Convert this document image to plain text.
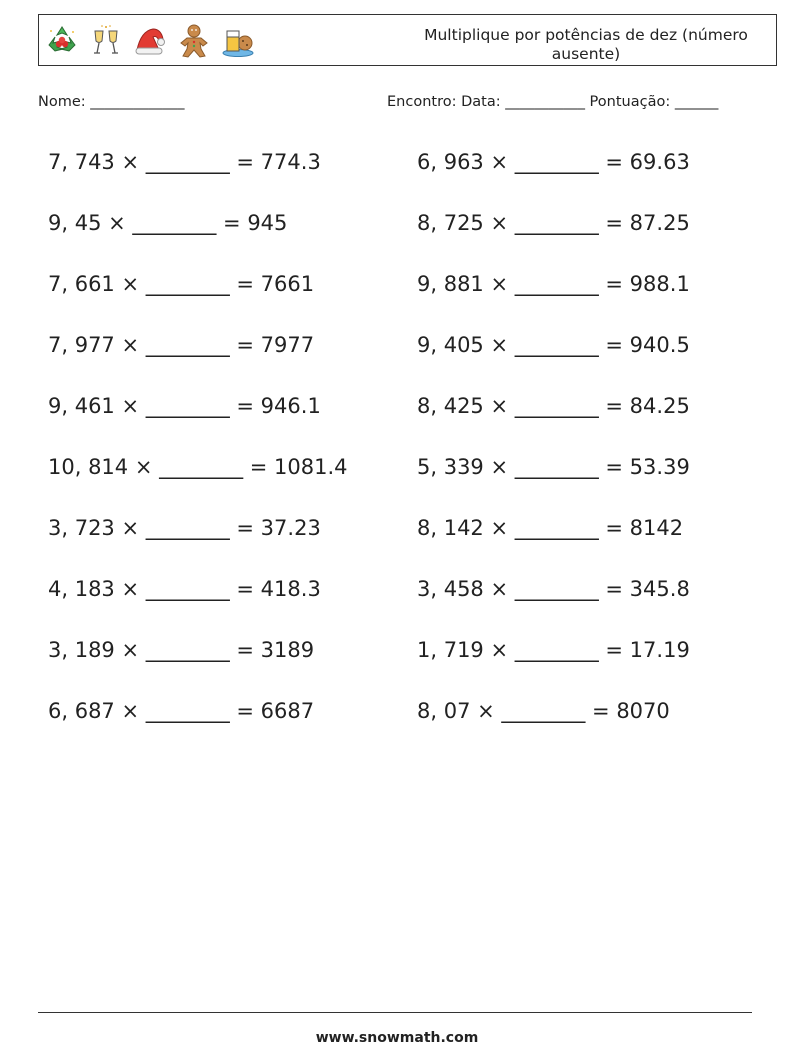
Multiplique por potências de dez (número ausente)
Nome: _____________	Encontro: Data: ___________ Pontuação: ______
7, 743 × ________ = 774.3
9, 45 × ________ = 945
7, 661 × ________ = 7661
7, 977 × ________ = 7977
9, 461 × ________ = 946.1
10, 814 × ________ = 1081.4
3, 723 × ________ = 37.23
4, 183 × ________ = 418.3
3, 189 × ________ = 3189
6, 687 × ________ = 6687
6, 963 × ________ = 69.63
8, 725 × ________ = 87.25
9, 881 × ________ = 988.1
9, 405 × ________ = 940.5
8, 425 × ________ = 84.25
5, 339 × ________ = 53.39
8, 142 × ________ = 8142
3, 458 × ________ = 345.8
1, 719 × ________ = 17.19
8, 07 × ________ = 8070
www.snowmath.com
